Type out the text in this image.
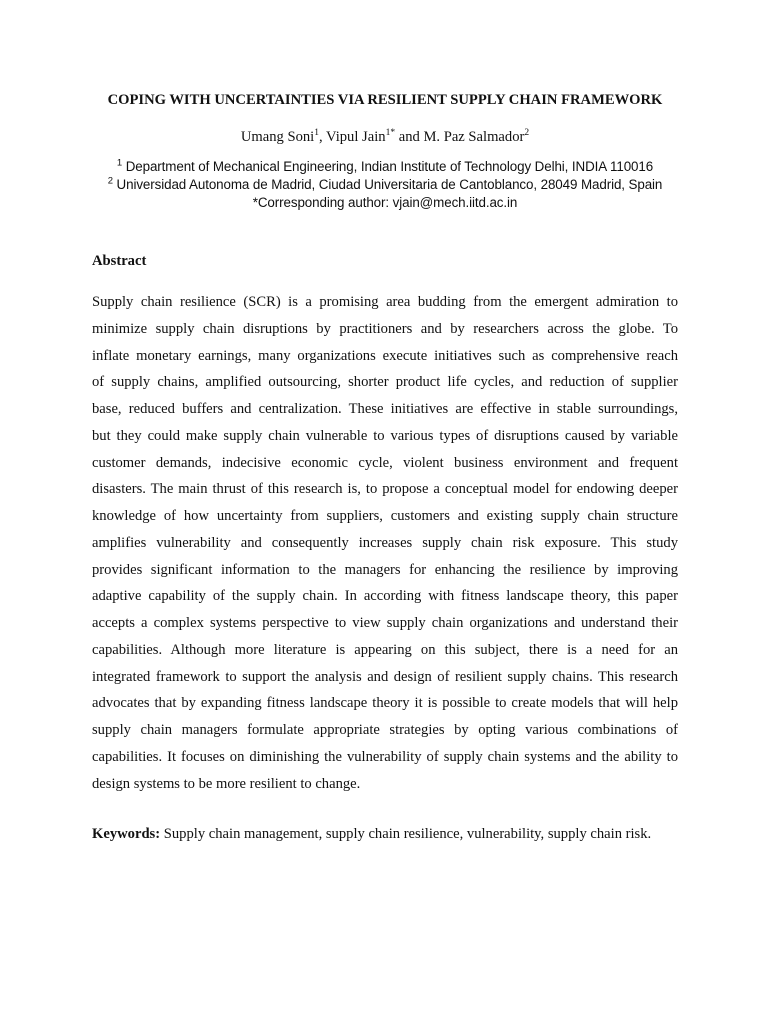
COPING WITH UNCERTAINTIES VIA RESILIENT SUPPLY CHAIN FRAMEWORK
Umang Soni$^1$, Vipul Jain$^{1*}$ and M. Paz Salmador$^2$
$^1$ Department of Mechanical Engineering, Indian Institute of Technology Delhi, INDIA 110016
$^2$ Universidad Autonoma de Madrid, Ciudad Universitaria de Cantoblanco, 28049 Madrid, Spain
*Corresponding author: vjain@mech.iitd.ac.in
Abstract
Supply chain resilience (SCR) is a promising area budding from the emergent admiration to
minimize supply chain disruptions by practitioners and by researchers across the globe. To
inflate monetary earnings, many organizations execute initiatives such as comprehensive reach
of supply chains, amplified outsourcing, shorter product life cycles, and reduction of supplier
base, reduced buffers and centralization. These initiatives are effective in stable surroundings,
but they could make supply chain vulnerable to various types of disruptions caused by variable
customer demands, indecisive economic cycle, violent business environment and frequent
disasters. The main thrust of this research is, to propose a conceptual model for endowing deeper
knowledge of how uncertainty from suppliers, customers and existing supply chain structure
amplifies vulnerability and consequently increases supply chain risk exposure. This study
provides significant information to the managers for enhancing the resilience by improving
adaptive capability of the supply chain. In according with fitness landscape theory, this paper
accepts a complex systems perspective to view supply chain organizations and understand their
capabilities. Although more literature is appearing on this subject, there is a need for an
integrated framework to support the analysis and design of resilient supply chains. This research
advocates that by expanding fitness landscape theory it is possible to create models that will help
supply chain managers formulate appropriate strategies by opting various combinations of
capabilities. It focuses on diminishing the vulnerability of supply chain systems and the ability to
design systems to be more resilient to change.
Keywords: Supply chain management, supply chain resilience, vulnerability, supply chain risk.
